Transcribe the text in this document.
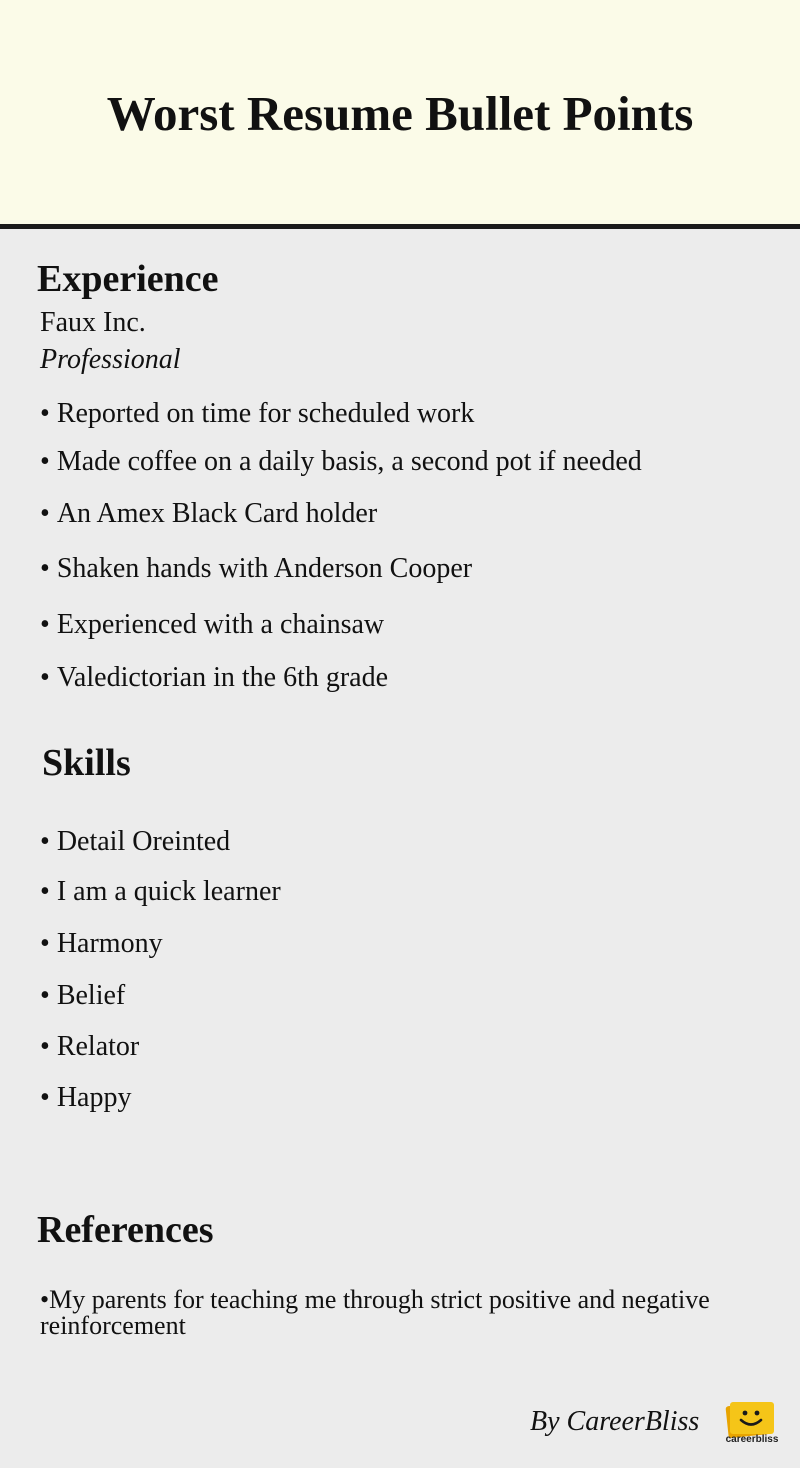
Worst Resume Bullet Points
Experience
Faux Inc.
Professional
• Reported on time for scheduled work
• Made coffee on a daily basis, a second pot if needed
• An Amex Black Card holder
• Shaken hands with Anderson Cooper
• Experienced with a chainsaw
• Valedictorian in the 6th grade
Skills
• Detail Oreinted
• I am a quick learner
• Harmony
• Belief
• Relator
• Happy
References
•My parents for teaching me through strict positive and negative reinforcement
By CareerBliss
careerbliss
